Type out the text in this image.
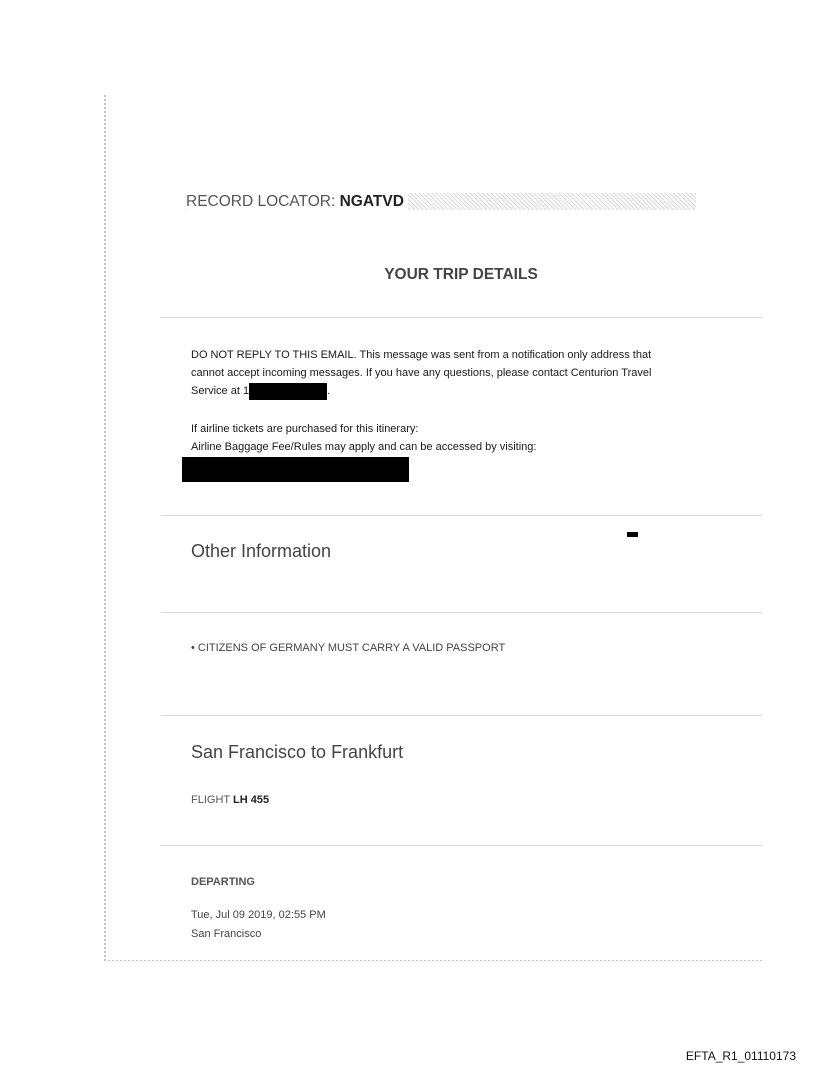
RECORD LOCATOR: NGATVD
YOUR TRIP DETAILS
DO NOT REPLY TO THIS EMAIL. This message was sent from a notification only address that
cannot accept incoming messages. If you have any questions, please contact Centurion Travel
Service at 1	.
If airline tickets are purchased for this itinerary:
Airline Baggage Fee/Rules may apply and can be accessed by visiting:
Other Information
• CITIZENS OF GERMANY MUST CARRY A VALID PASSPORT
San Francisco to Frankfurt
FLIGHT LH 455
DEPARTING
Tue, Jul 09 2019, 02:55 PM
San Francisco
EFTA_R1_01110173
